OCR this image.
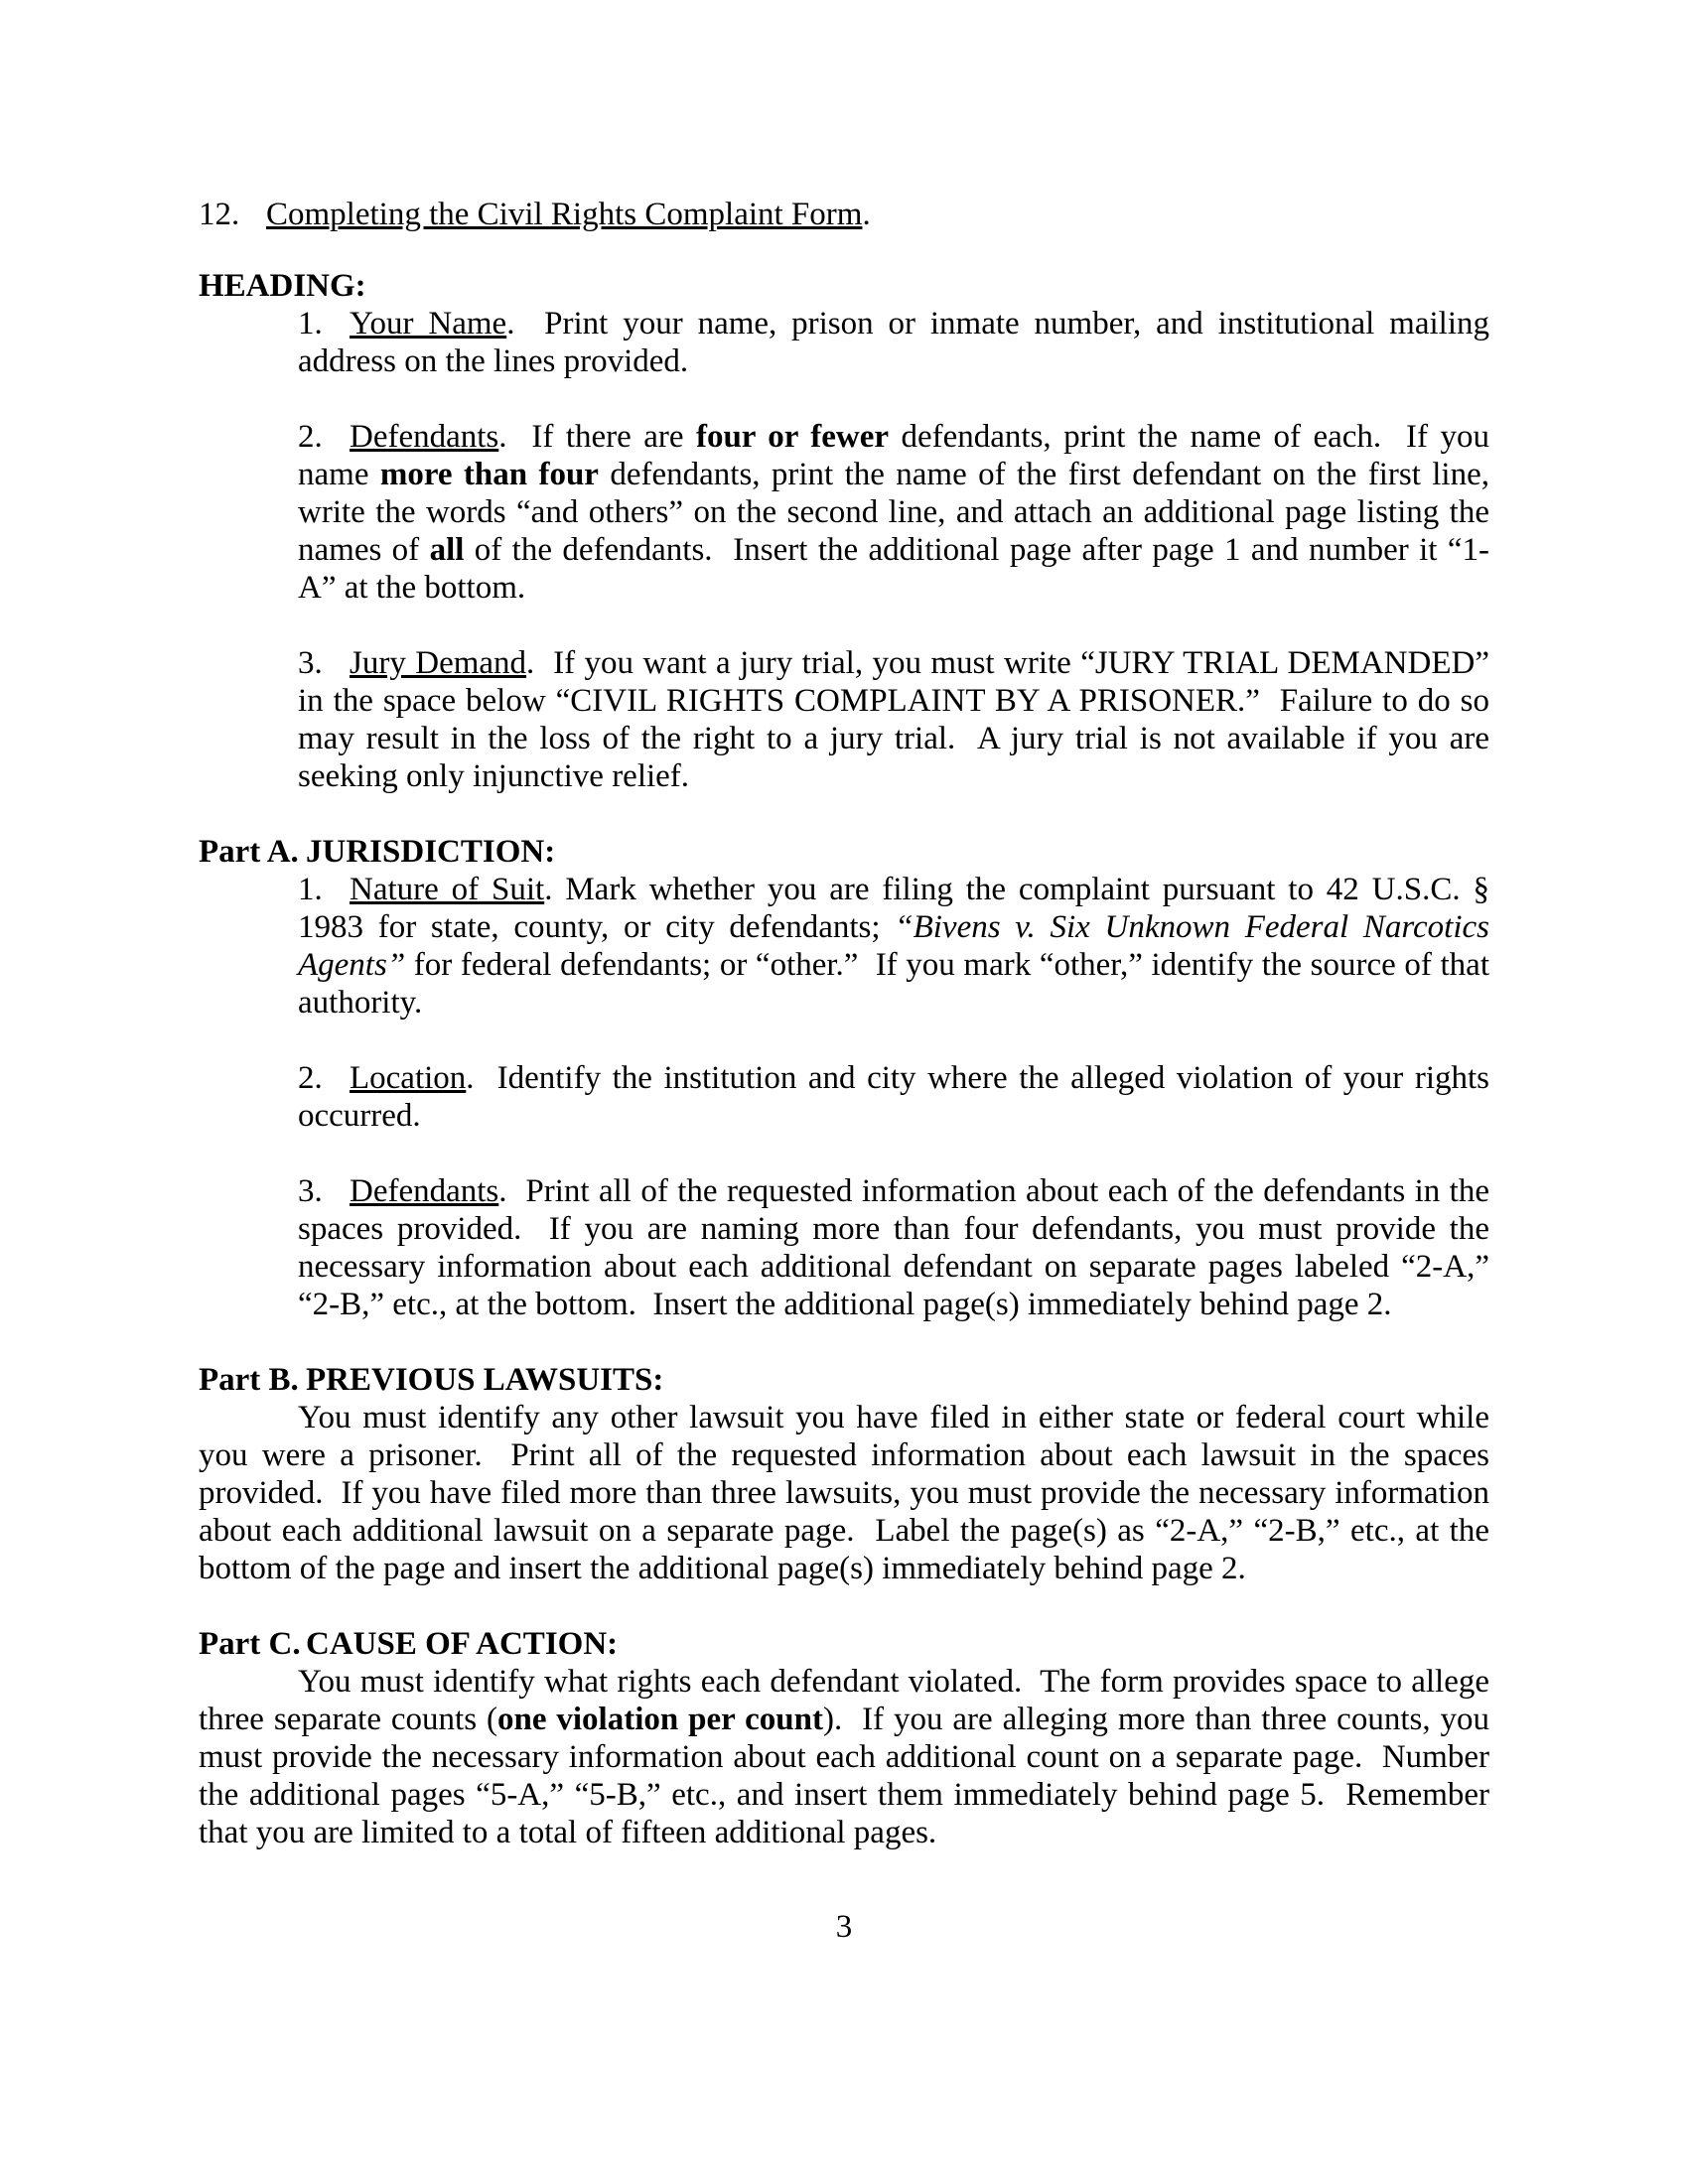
12. Completing the Civil Rights Complaint Form.

HEADING:

1. Your Name.  Print your name, prison or inmate number, and institutional mailing address on the lines provided.

2. Defendants.  If there are four or fewer defendants, print the name of each.  If you name more than four defendants, print the name of the first defendant on the first line, write the words “and others” on the second line, and attach an additional page listing the names of all of the defendants.  Insert the additional page after page 1 and number it “1-A” at the bottom.

3. Jury Demand.  If you want a jury trial, you must write “JURY TRIAL DEMANDED” in the space below “CIVIL RIGHTS COMPLAINT BY A PRISONER.”  Failure to do so may result in the loss of the right to a jury trial.  A jury trial is not available if you are seeking only injunctive relief.

Part A. JURISDICTION:

1. Nature of Suit. Mark whether you are filing the complaint pursuant to 42 U.S.C. § 1983 for state, county, or city defendants; “Bivens v. Six Unknown Federal Narcotics Agents” for federal defendants; or “other.”  If you mark “other,” identify the source of that authority.

2. Location.  Identify the institution and city where the alleged violation of your rights occurred.

3. Defendants.  Print all of the requested information about each of the defendants in the spaces provided.  If you are naming more than four defendants, you must provide the necessary information about each additional defendant on separate pages labeled “2-A,” “2-B,” etc., at the bottom.  Insert the additional page(s) immediately behind page 2.

Part B. PREVIOUS LAWSUITS:

You must identify any other lawsuit you have filed in either state or federal court while you were a prisoner.  Print all of the requested information about each lawsuit in the spaces provided.  If you have filed more than three lawsuits, you must provide the necessary information about each additional lawsuit on a separate page.  Label the page(s) as “2-A,” “2-B,” etc., at the bottom of the page and insert the additional page(s) immediately behind page 2.

Part C. CAUSE OF ACTION:

You must identify what rights each defendant violated.  The form provides space to allege three separate counts (one violation per count).  If you are alleging more than three counts, you must provide the necessary information about each additional count on a separate page.  Number the additional pages “5-A,” “5-B,” etc., and insert them immediately behind page 5.  Remember that you are limited to a total of fifteen additional pages.

3
